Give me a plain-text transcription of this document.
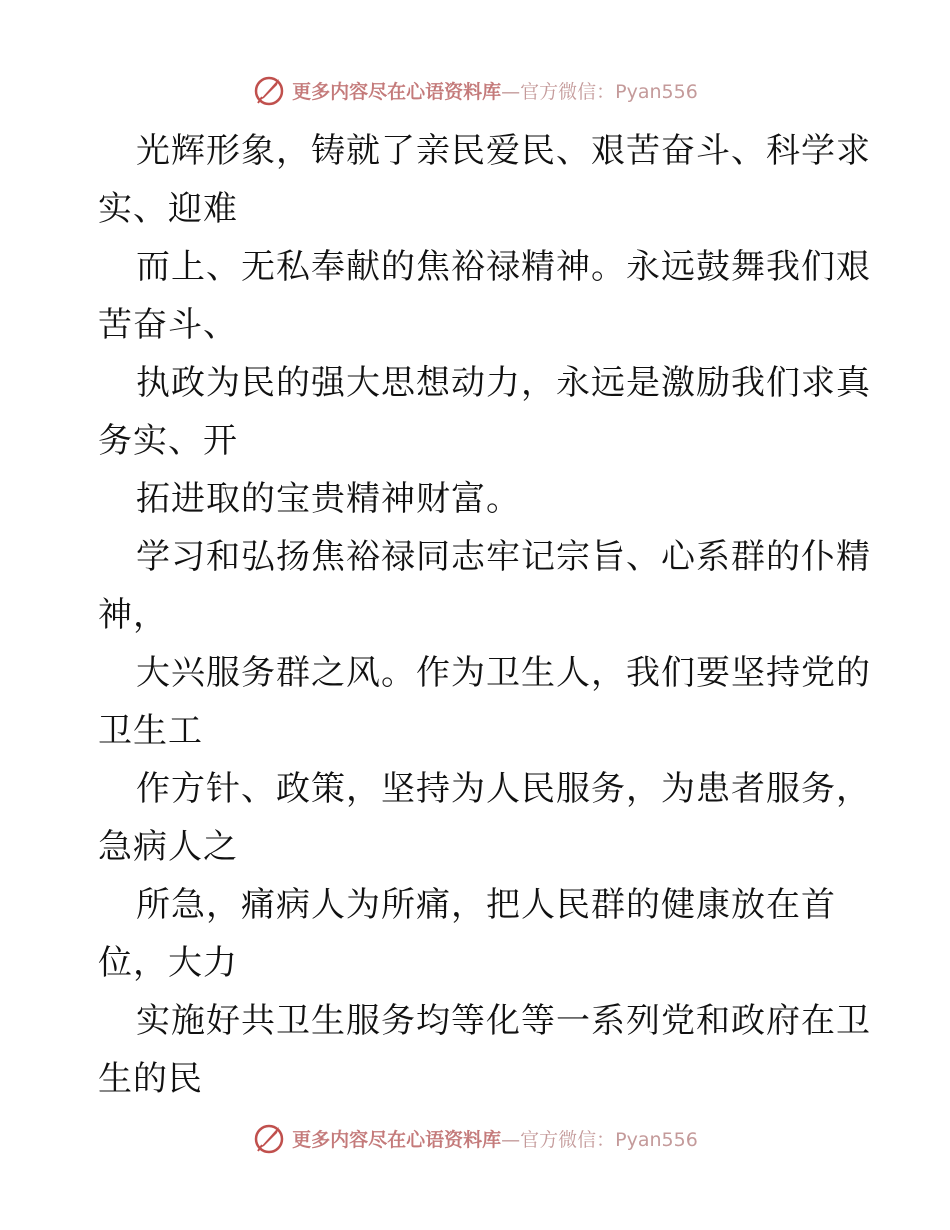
更多内容尽在心语资料库—官方微信：Pyan556
光辉形象，铸就了亲民爱民、艰苦奋斗、科学求
实、迎难
而上、无私奉献的焦裕禄精神。永远鼓舞我们艰
苦奋斗、
执政为民的强大思想动力，永远是激励我们求真
务实、开
拓进取的宝贵精神财富。
学习和弘扬焦裕禄同志牢记宗旨、心系群的仆精
神，
大兴服务群之风。作为卫生人，我们要坚持党的
卫生工
作方针、政策，坚持为人民服务，为患者服务，
急病人之
所急，痛病人为所痛，把人民群的健康放在首
位，大力
实施好共卫生服务均等化等一系列党和政府在卫
生的民
更多内容尽在心语资料库—官方微信：Pyan556
